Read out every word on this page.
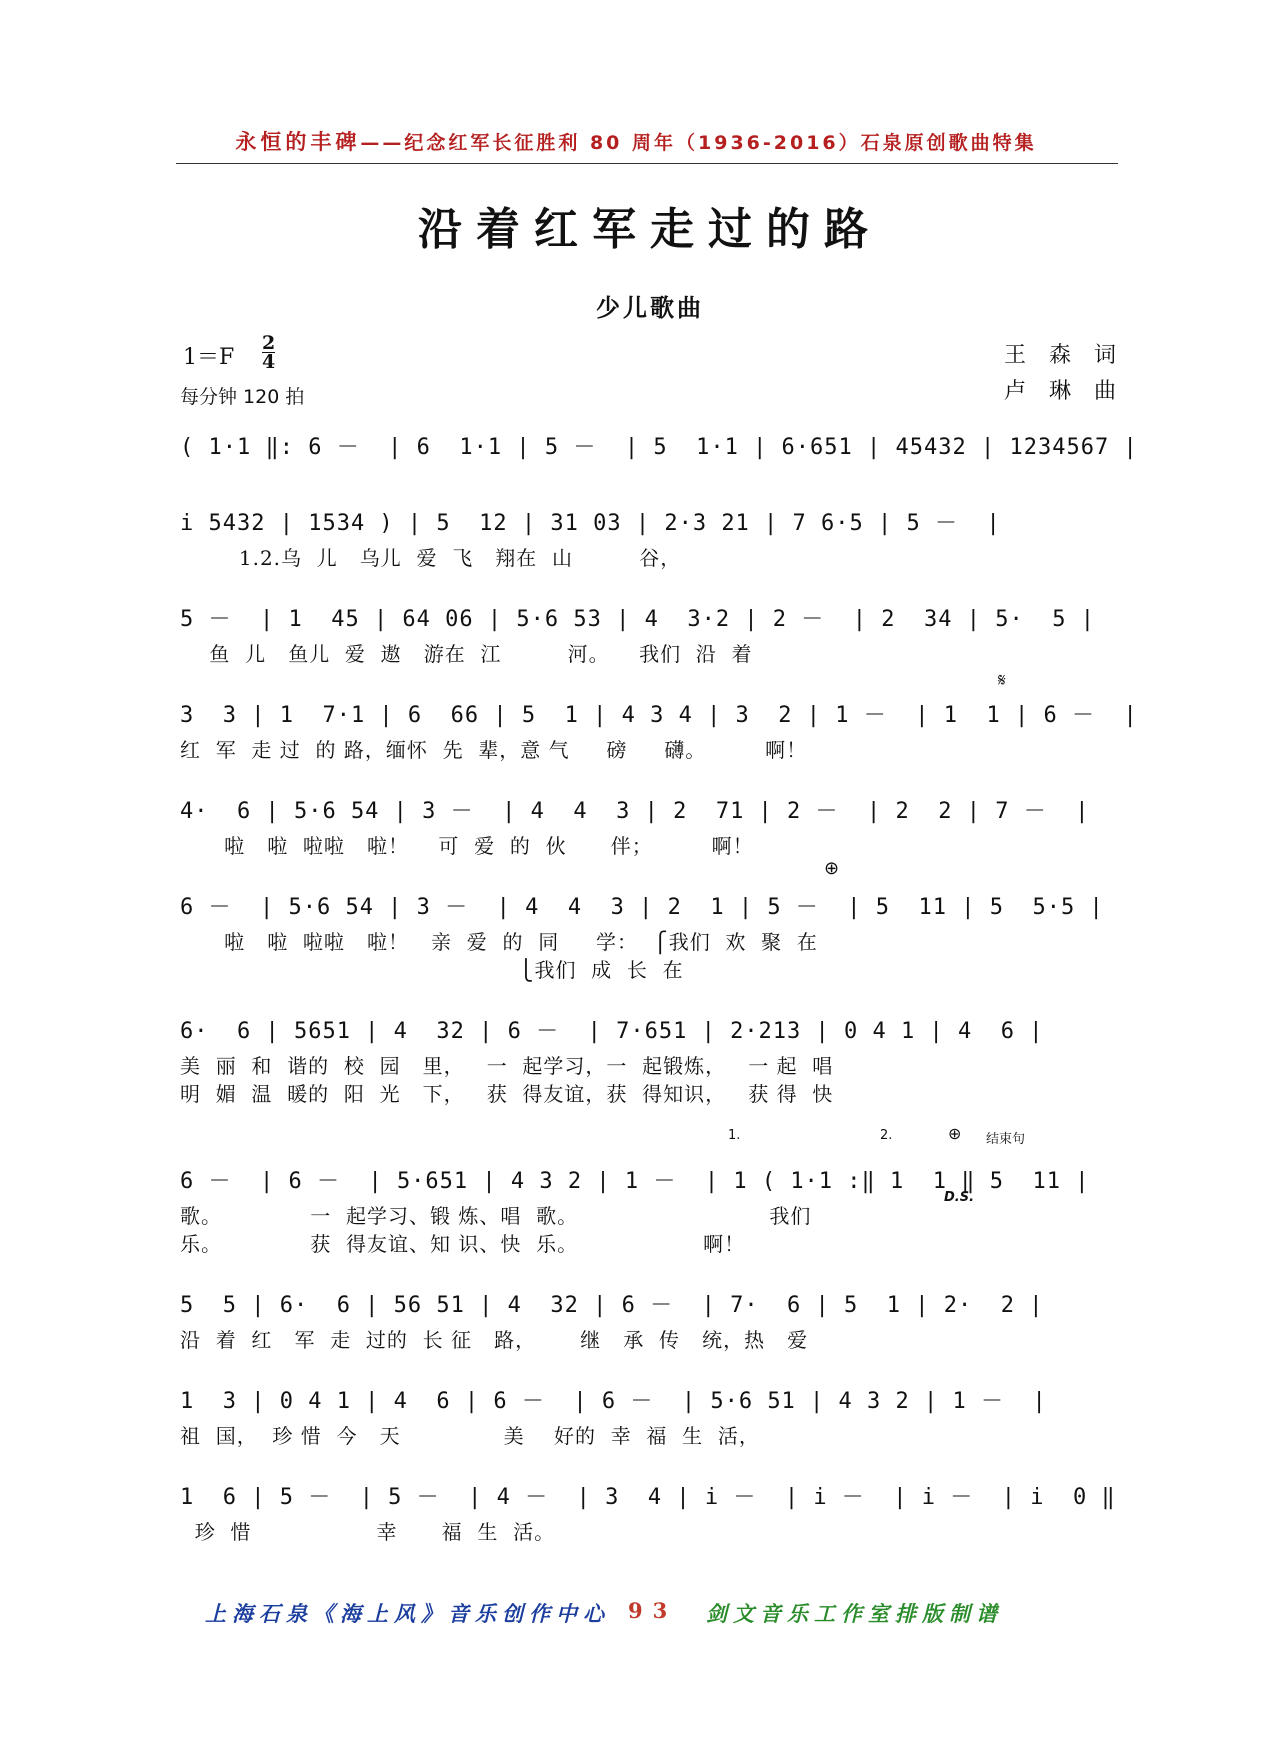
永恒的丰碑——纪念红军长征胜利 80 周年（1936-2016）石泉原创歌曲特集
沿着红军走过的路
少儿歌曲
$1=F \frac{2}{4}$
每分钟 120 拍
王 森 词
卢 琳 曲
( 1·1 ‖: 6 －  | 6  1·1 | 5 －  | 5  1·1 | 6·651 | 45432 | 1234567 |
i 5432 | 1534 ) | 5  12 | 31 03 | 2·3 21 | 7 6·5 | 5 －  |
1.2.乌  儿   乌儿  爱  飞   翔在  山         谷，
5 －  | 1  45 | 64 06 | 5·6 53 | 4  3·2 | 2 －  | 2  34 | 5·  5 |
鱼  儿   鱼儿  爱  遨   游在  江         河。    我们  沿  着
𝄋
3  3 | 1  7·1 | 6  66 | 5  1 | 4 3 4 | 3  2 | 1 －  | 1  1 | 6 －  |
红  军  走 过  的 路，缅怀  先  辈，意 气     磅     礴。        啊！
4·  6 | 5·6 54 | 3 －  | 4  4  3 | 2  71 | 2 －  | 2  2 | 7 －  |
啦   啦  啦啦   啦！    可  爱  的  伙      伴；        啊！
⊕
6 －  | 5·6 54 | 3 －  | 4  4  3 | 2  1 | 5 －  | 5  11 | 5  5·5 |
啦   啦  啦啦   啦！   亲  爱  的  同     学：  ⎧我们  欢  聚  在
⎩我们  成  长  在
6·  6 | 5651 | 4  32 | 6 －  | 7·651 | 2·213 | 0 4 1 | 4  6 |
美  丽  和  谐的  校  园   里，   一  起学习，一  起锻炼，   一 起  唱
明  媚  温  暖的  阳  光   下，   获  得友谊，获  得知识，   获 得  快
1.	2.	⊕ 结束句
6 －  | 6 －  | 5·651 | 4 3 2 | 1 －  | 1 ( 1·1 :‖ 1  1 ‖ 5  11 |
D.S.
歌。            一  起学习、锻 炼、唱  歌。                          我们
乐。            获  得友谊、知 识、快  乐。                 啊！
5  5 | 6·  6 | 56 51 | 4  32 | 6 －  | 7·  6 | 5  1 | 2·  2 |
沿  着  红   军  走  过的  长 征   路，      继   承  传   统，热   爱
1  3 | 0 4 1 | 4  6 | 6 －  | 6 －  | 5·6 51 | 4 3 2 | 1 －  |
祖  国，  珍 惜  今   天              美    好的  幸  福  生  活，
1  6 | 5 －  | 5 －  | 4 －  | 3  4 | i －  | i －  | i －  | i  0 ‖
珍  惜                 幸      福  生  活。
上海石泉《海上风》音乐创作中心 93 剑文音乐工作室排版制谱
